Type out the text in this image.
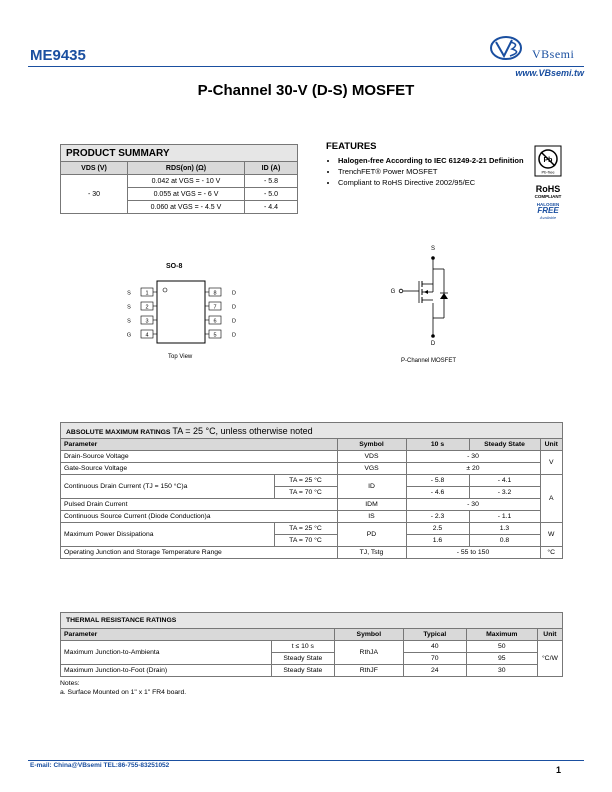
ME9435	VBsemi
www.VBsemi.tw
P-Channel 30-V (D-S) MOSFET
PRODUCT SUMMARY		
VDS (V)	RDS(on) (Ω)	ID (A)
- 30	0.042 at VGS = - 10 V	- 5.8
	0.055 at VGS = - 6 V	- 5.0
	0.060 at VGS = - 4.5 V	- 4.4
FEATURES
• Halogen-free According to IEC 61249-2-21 Definition
• TrenchFET® Power MOSFET
• Compliant to RoHS Directive 2002/95/EC
Pb
Pb-free
RoHS
COMPLIANT
HALOGEN
FREE
Available
SO-8
1
2
3
4
8
7
6
5
S
S
S
G
D
D
D
D
Top View
S
G
D
P-Channel MOSFET
ABSOLUTE MAXIMUM RATINGS TA = 25 °C, unless otherwise noted					
Parameter		Symbol	10 s	Steady State	Unit
Drain-Source Voltage		VDS	- 30		V
Gate-Source Voltage		VGS	± 20		
Continuous Drain Current (TJ = 150 °C)a	TA = 25 °C	ID	- 5.8	- 4.1	A
	TA = 70 °C		- 4.6	- 3.2	
Pulsed Drain Current		IDM	- 30		
Continuous Source Current (Diode Conduction)a		IS	- 2.3	- 1.1	
Maximum Power Dissipationa	TA = 25 °C	PD	2.5	1.3	W
	TA = 70 °C		1.6	0.8	
Operating Junction and Storage Temperature Range		TJ, Tstg	- 55 to 150		°C
THERMAL RESISTANCE RATINGS					
Parameter		Symbol	Typical	Maximum	Unit
Maximum Junction-to-Ambienta	t ≤ 10 s	RthJA	40	50	°C/W
	Steady State		70	95	
Maximum Junction-to-Foot (Drain)	Steady State	RthJF	24	30	
Notes:
a. Surface Mounted on 1" x 1" FR4 board.
E-mail: China@VBsemi TEL:86-755-83251052	1
